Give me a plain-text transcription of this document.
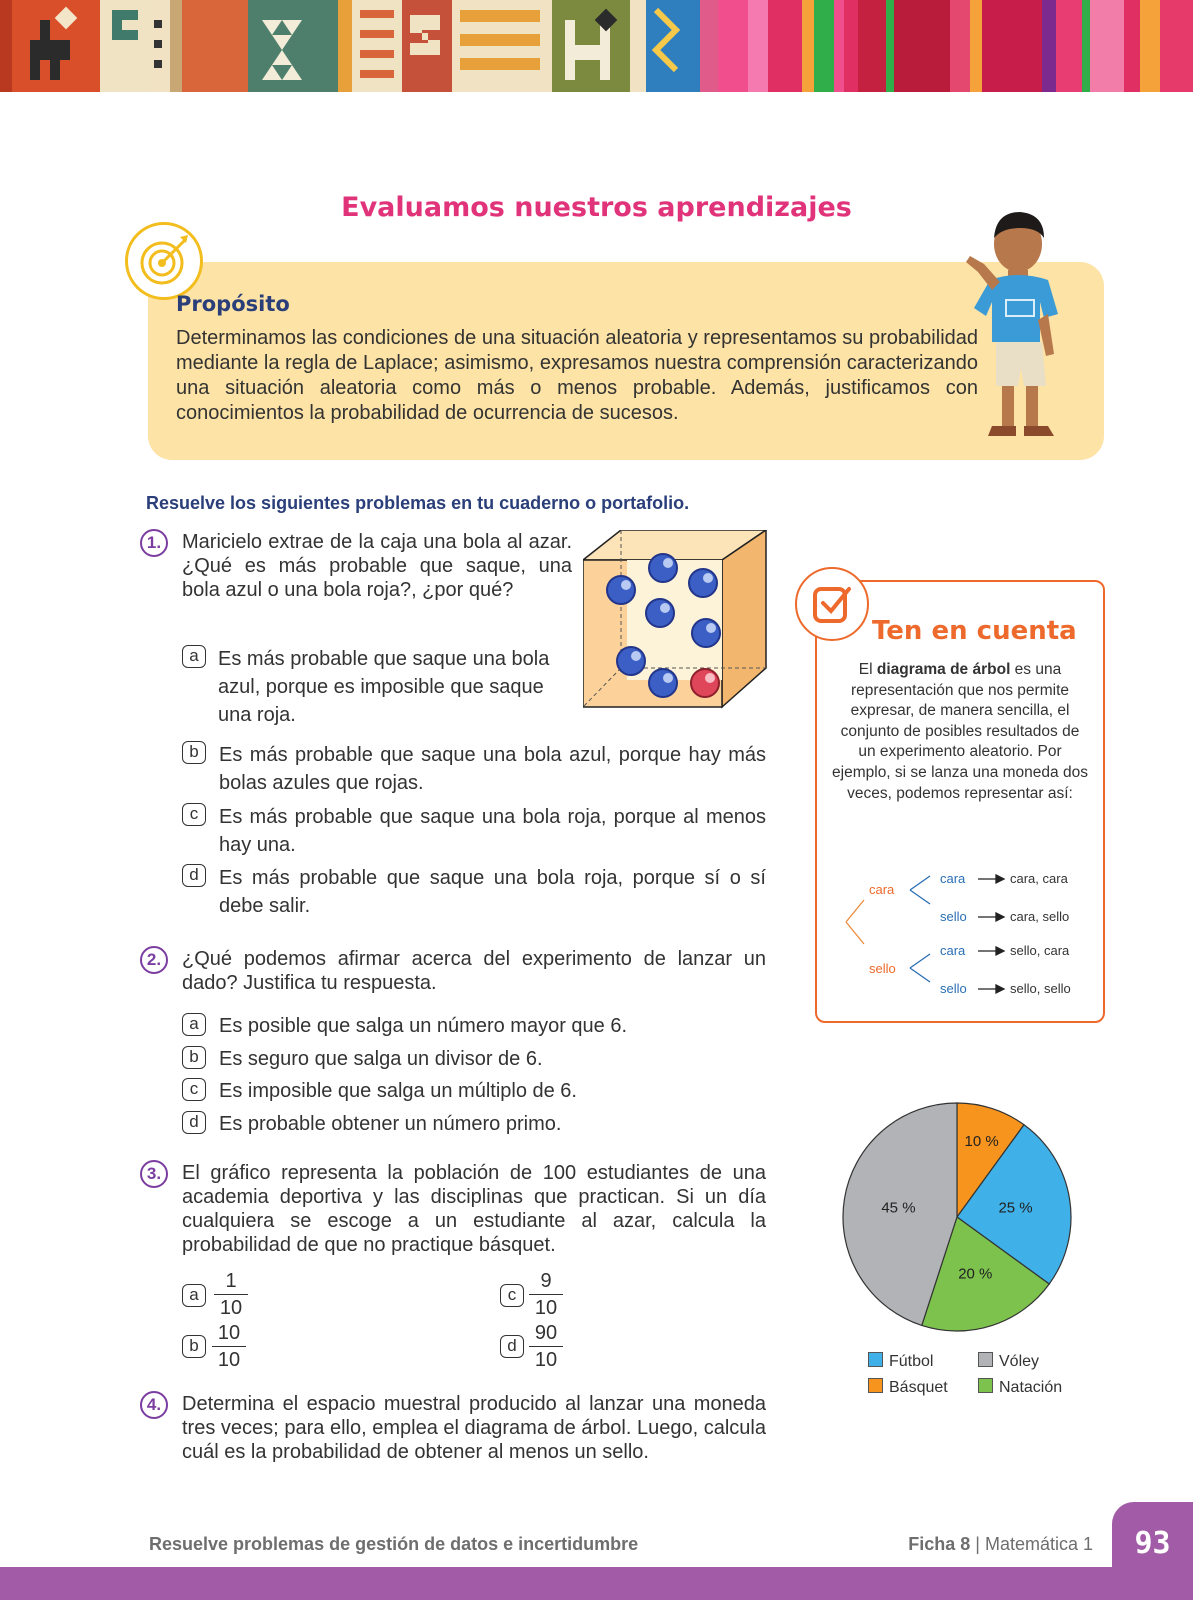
Evaluamos nuestros aprendizajes
Propósito
Determinamos las condiciones de una situación aleatoria y representamos su probabilidad mediante la regla de Laplace; asimismo, expresamos nuestra comprensión caracterizando una situación aleatoria como más o menos probable. Además, justificamos con conocimientos la probabilidad de ocurrencia de sucesos.
Resuelve los siguientes problemas en tu cuaderno o portafolio.
1.	Maricielo extrae de la caja una bola al azar. ¿Qué es más probable que saque, una bola azul o una bola roja?, ¿por qué?
a Es más probable que saque una bola azul, porque es imposible que saque una roja.
b	Es más probable que saque una bola azul, porque hay más bolas azules que rojas.
c	Es más probable que saque una bola roja, porque al menos hay una.
d	Es más probable que saque una bola roja, porque sí o sí debe salir.
2.	¿Qué podemos afirmar acerca del experimento de lanzar un dado? Justifica tu respuesta.
a	Es posible que salga un número mayor que 6.
b	Es seguro que salga un divisor de 6.
c	Es imposible que salga un múltiplo de 6.
d	Es probable obtener un número primo.
3.	El gráfico representa la población de 100 estudiantes de una academia deportiva y las disciplinas que practican. Si un día cualquiera se escoge a un estudiante al azar, calcula la probabilidad de que no practique básquet.
a
1
10
b
10
10
c
9
10
d
90
10
4.	Determina el espacio muestral producido al lanzar una moneda tres veces; para ello, emplea el diagrama de árbol. Luego, calcula cuál es la probabilidad de obtener al menos un sello.
Ten en cuenta
El diagrama de árbol es una representación que nos permite expresar, de manera sencilla, el conjunto de posibles resultados de un experimento aleatorio. Por ejemplo, si se lanza una moneda dos veces, podemos representar así:
cara
sello
cara
sello
cara
sello
cara, cara
cara, sello
sello, cara
sello, sello
10 %
25 %
20 %
45 %
Fútbol	Vóley
Básquet	Natación
Resuelve problemas de gestión de datos e incertidumbre	Ficha 8 | Matemática 1	93
